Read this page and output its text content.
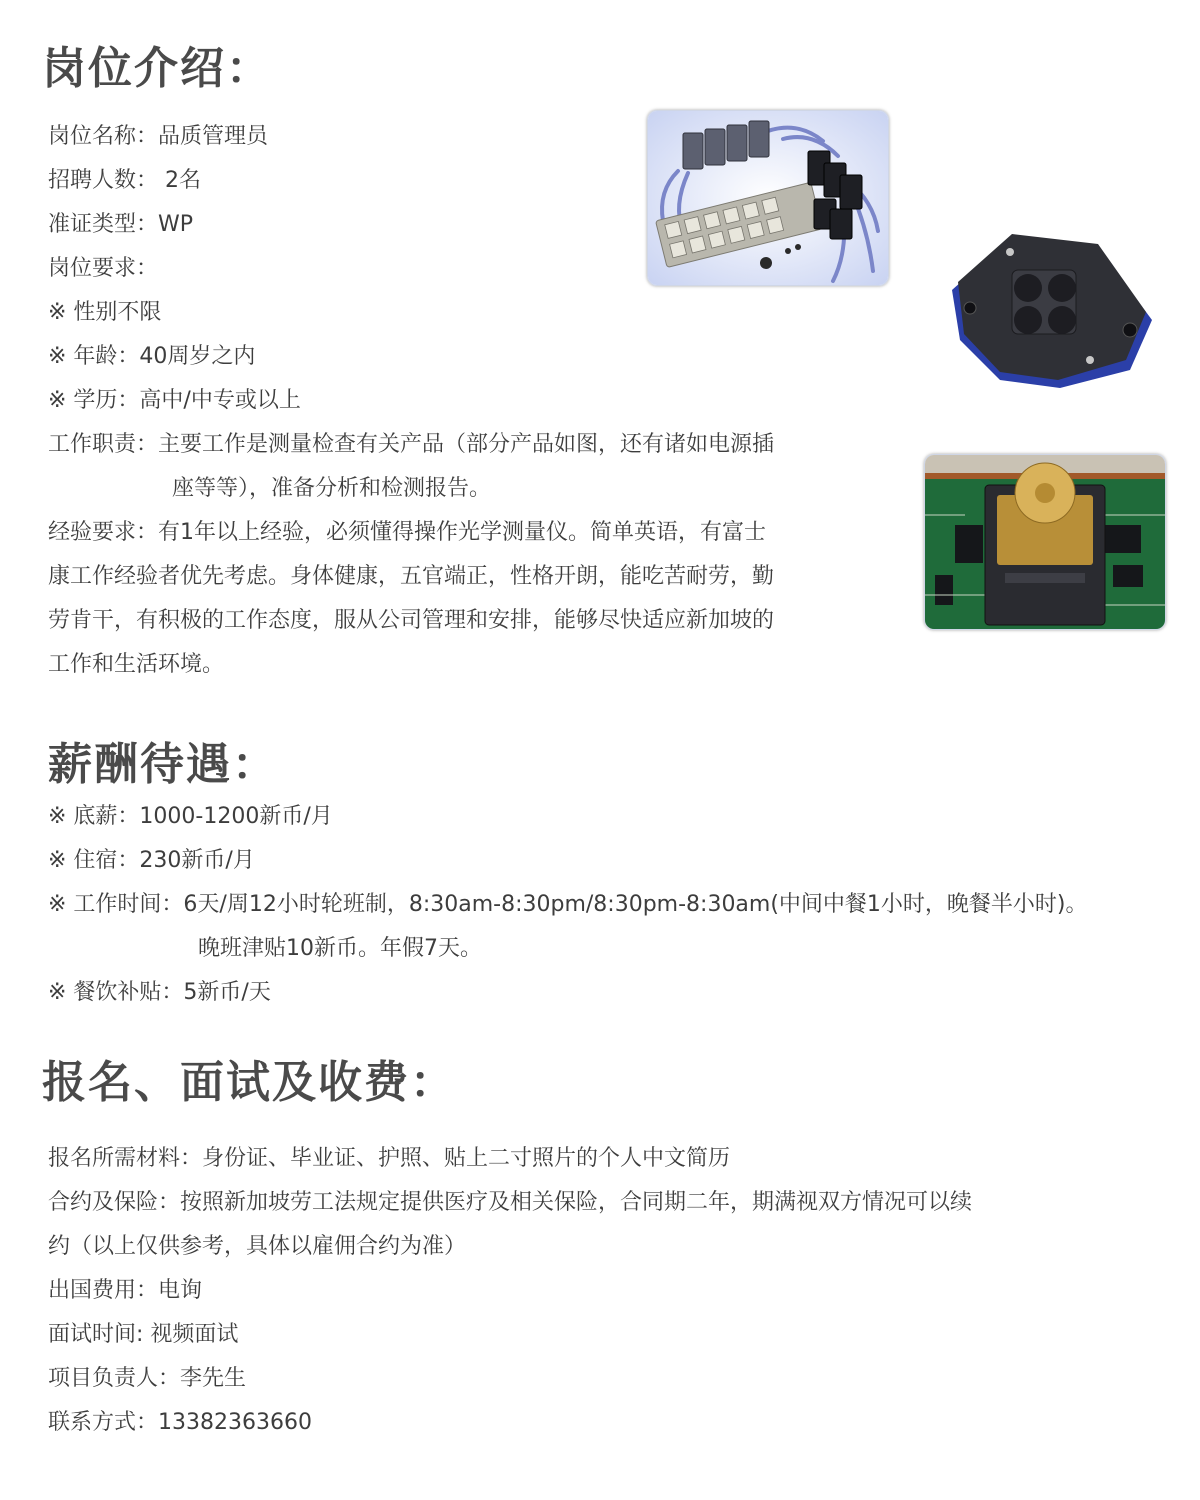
岗位介绍：
岗位名称：品质管理员
招聘人数： 2名
准证类型：WP
岗位要求：
※ 性别不限
※ 年龄：40周岁之内
※ 学历：高中/中专或以上
工作职责：主要工作是测量检查有关产品（部分产品如图，还有诸如电源插
座等等），准备分析和检测报告。
经验要求：有1年以上经验，必须懂得操作光学测量仪。简单英语，有富士
康工作经验者优先考虑。身体健康，五官端正，性格开朗，能吃苦耐劳，勤
劳肯干，有积极的工作态度，服从公司管理和安排，能够尽快适应新加坡的
工作和生活环境。
薪酬待遇：
※ 底薪：1000-1200新币/月
※ 住宿：230新币/月
※ 工作时间：6天/周12小时轮班制，8:30am-8:30pm/8:30pm-8:30am(中间中餐1小时，晚餐半小时)。
晚班津贴10新币。年假7天。
※ 餐饮补贴：5新币/天
报名、面试及收费：
报名所需材料：身份证、毕业证、护照、贴上二寸照片的个人中文简历
合约及保险：按照新加坡劳工法规定提供医疗及相关保险，合同期二年，期满视双方情况可以续
约（以上仅供参考，具体以雇佣合约为准）
出国费用：电询
面试时间: 视频面试
项目负责人：李先生
联系方式：13382363660
